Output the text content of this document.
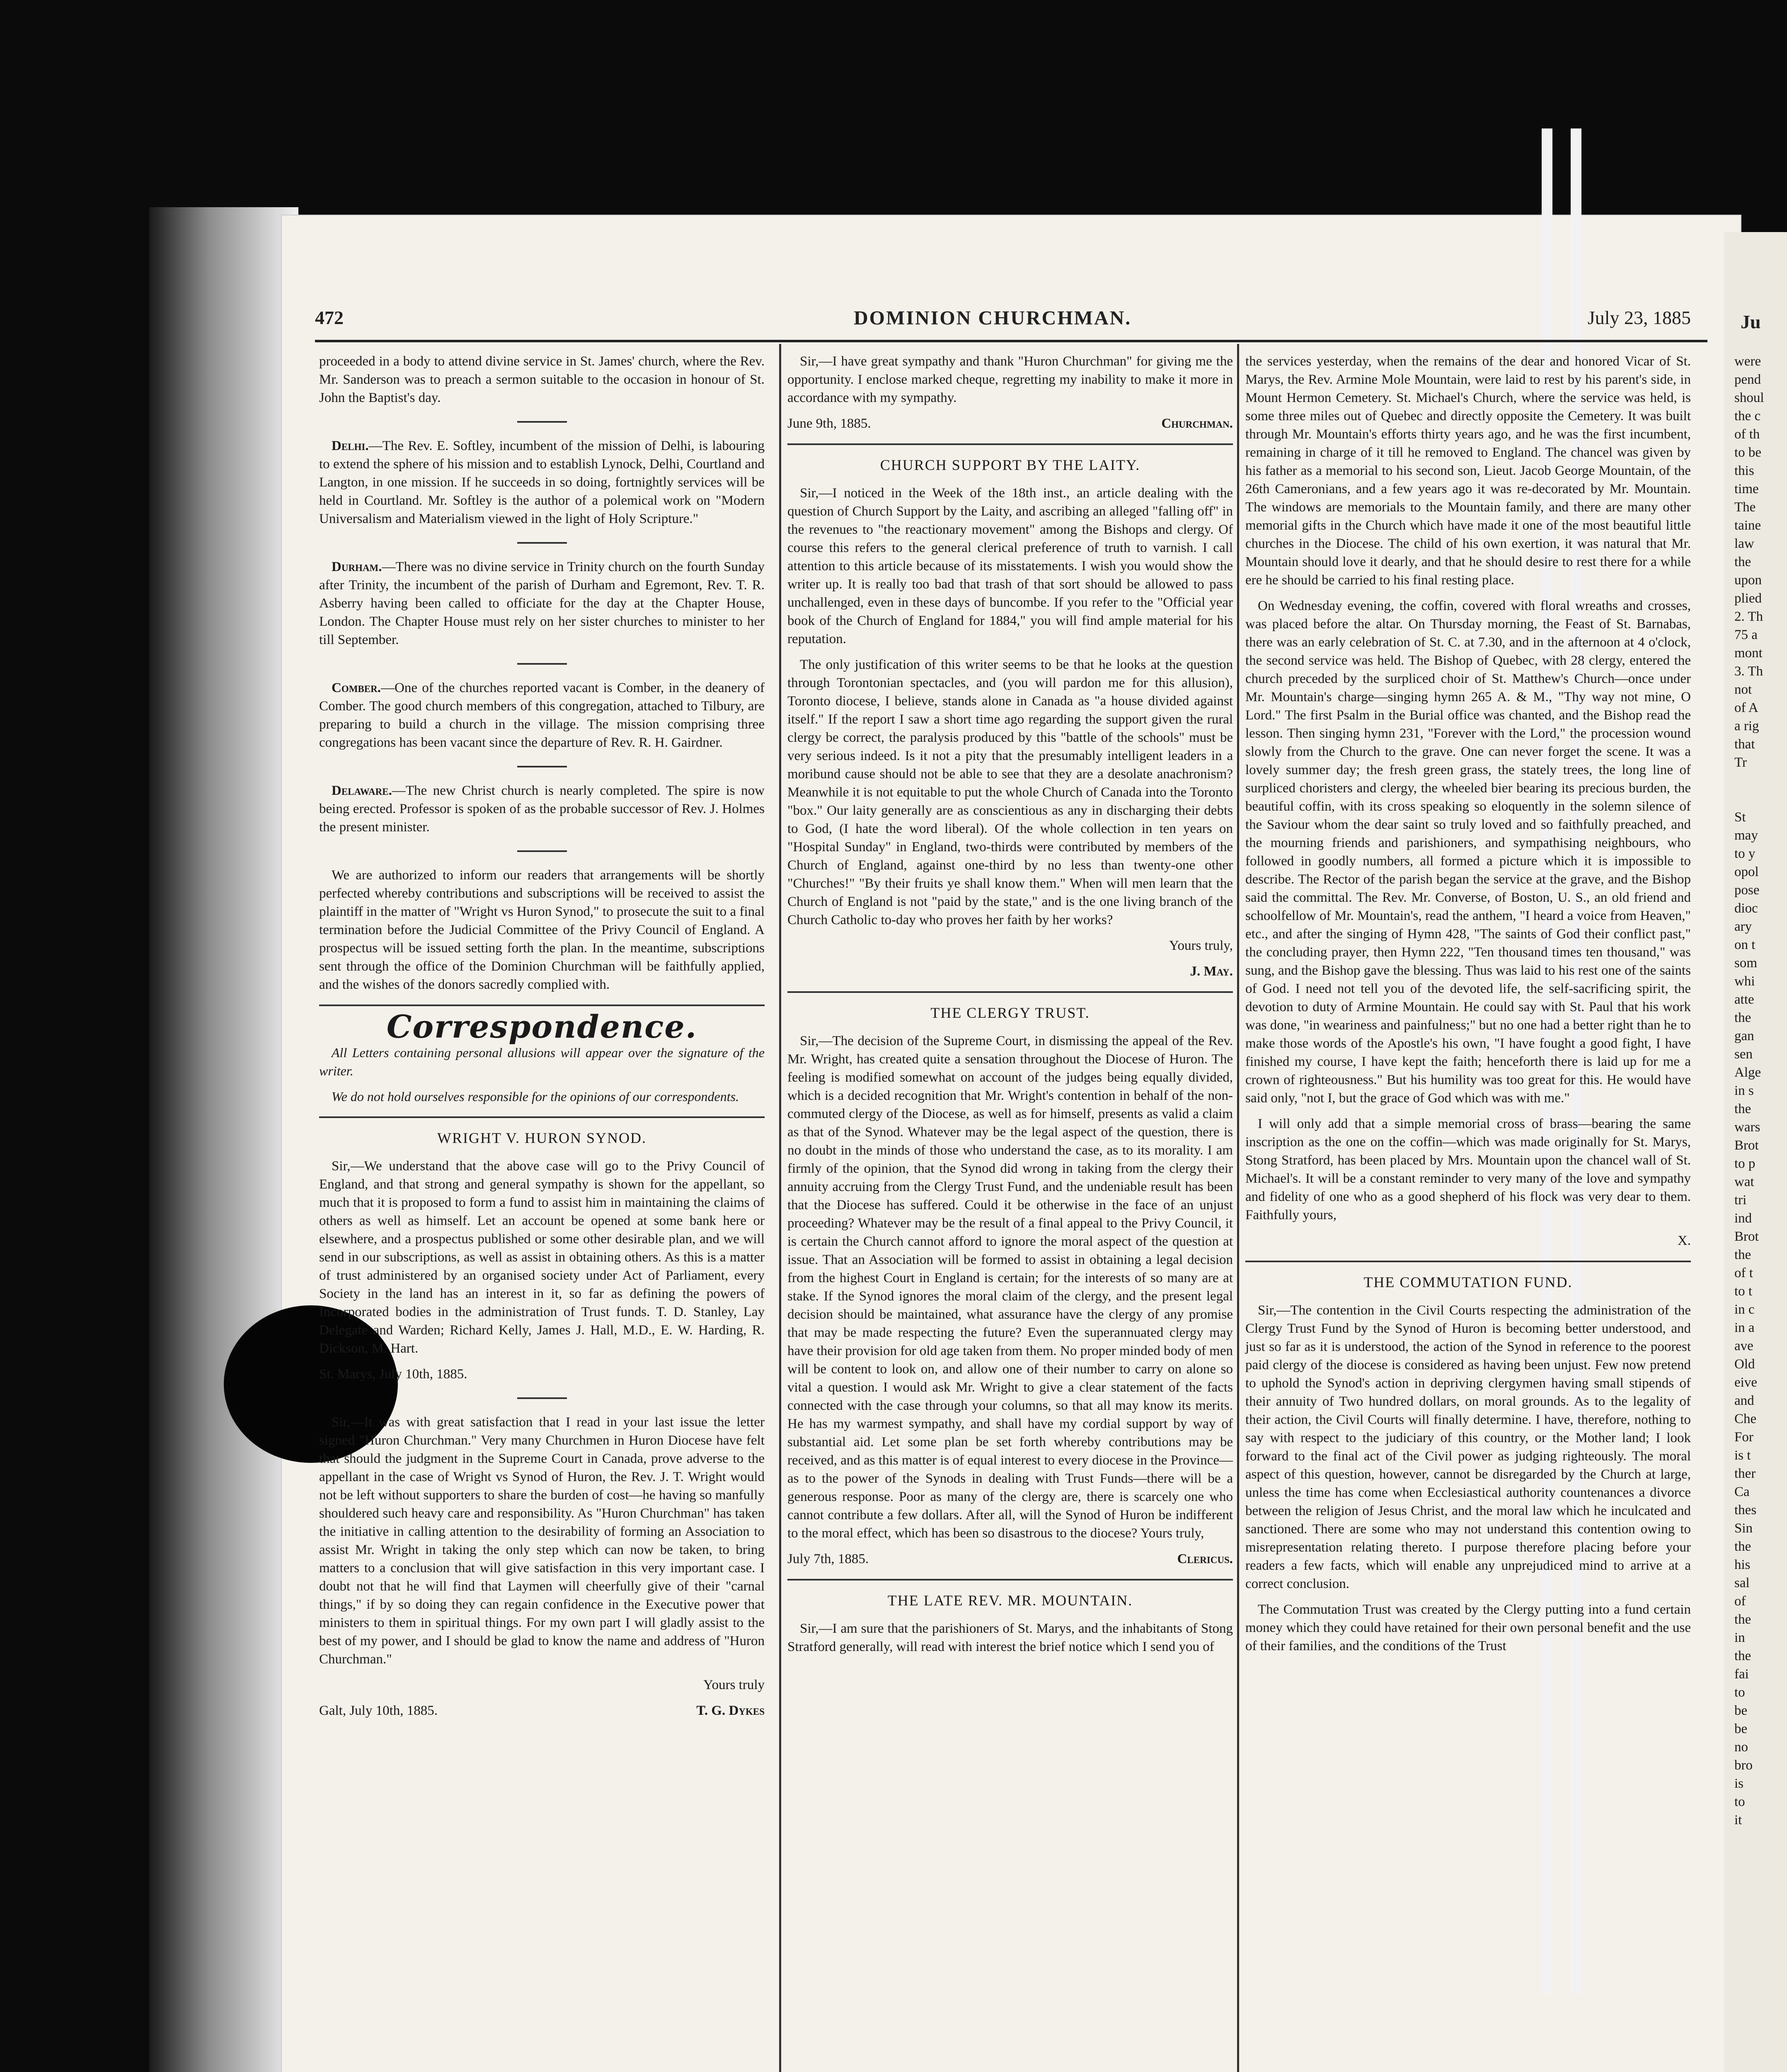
472	DOMINION CHURCHMAN.	July 23, 1885

proceeded in a body to attend divine service in St. James' church, where the Rev. Mr. Sanderson was to preach a sermon suitable to the occasion in honour of St. John the Baptist's day.

Delhi.—The Rev. E. Softley, incumbent of the mission of Delhi, is labouring to extend the sphere of his mission and to establish Lynock, Delhi, Courtland and Langton, in one mission. If he succeeds in so doing, fortnightly services will be held in Courtland. Mr. Softley is the author of a polemical work on "Modern Universalism and Materialism viewed in the light of Holy Scripture."

Durham.—There was no divine service in Trinity church on the fourth Sunday after Trinity, the incumbent of the parish of Durham and Egremont, Rev. T. R. Asberry having been called to officiate for the day at the Chapter House, London. The Chapter House must rely on her sister churches to minister to her till September.

Comber.—One of the churches reported vacant is Comber, in the deanery of Comber. The good church members of this congregation, attached to Tilbury, are preparing to build a church in the village. The mission comprising three congregations has been vacant since the departure of Rev. R. H. Gairdner.

Delaware.—The new Christ church is nearly completed. The spire is now being erected. Professor is spoken of as the probable successor of Rev. J. Holmes the present minister.

We are authorized to inform our readers that arrangements will be shortly perfected whereby contributions and subscriptions will be received to assist the plaintiff in the matter of "Wright vs Huron Synod," to prosecute the suit to a final termination before the Judicial Committee of the Privy Council of England. A prospectus will be issued setting forth the plan. In the meantime, subscriptions sent through the office of the Dominion Churchman will be faithfully applied, and the wishes of the donors sacredly complied with.

Correspondence.

All Letters containing personal allusions will appear over the signature of the writer.

We do not hold ourselves responsible for the opinions of our correspondents.

WRIGHT V. HURON SYNOD.

Sir,—We understand that the above case will go to the Privy Council of England, and that strong and general sympathy is shown for the appellant, so much that it is proposed to form a fund to assist him in maintaining the claims of others as well as himself. Let an account be opened at some bank here or elsewhere, and a prospectus published or some other desirable plan, and we will send in our subscriptions, as well as assist in obtaining others. As this is a matter of trust administered by an organised society under Act of Parliament, every Society in the land has an interest in it, so far as defining the powers of Incorporated bodies in the administration of Trust funds. T. D. Stanley, Lay Delegate and Warden; Richard Kelly, James J. Hall, M.D., E. W. Harding, R. Dickson, M. Hart.

St. Marys, July 10th, 1885.

Sir,—It was with great satisfaction that I read in your last issue the letter signed "Huron Churchman." Very many Churchmen in Huron Diocese have felt that should the judgment in the Supreme Court in Canada, prove adverse to the appellant in the case of Wright vs Synod of Huron, the Rev. J. T. Wright would not be left without supporters to share the burden of cost—he having so manfully shouldered such heavy care and responsibility. As "Huron Churchman" has taken the initiative in calling attention to the desirability of forming an Association to assist Mr. Wright in taking the only step which can now be taken, to bring matters to a conclusion that will give satisfaction in this very important case. I doubt not that he will find that Laymen will cheerfully give of their "carnal things," if by so doing they can regain confidence in the Executive power that ministers to them in spiritual things. For my own part I will gladly assist to the best of my power, and I should be glad to know the name and address of "Huron Churchman."

Yours truly

Galt, July 10th, 1885.	T. G. Dykes

Sir,—I have great sympathy and thank "Huron Churchman" for giving me the opportunity. I enclose marked cheque, regretting my inability to make it more in accordance with my sympathy.

June 9th, 1885.	Churchman.
CHURCH SUPPORT BY THE LAITY.

Sir,—I noticed in the Week of the 18th inst., an article dealing with the question of Church Support by the Laity, and ascribing an alleged "falling off" in the revenues to "the reactionary movement" among the Bishops and clergy. Of course this refers to the general clerical preference of truth to varnish. I call attention to this article because of its misstatements. I wish you would show the writer up. It is really too bad that trash of that sort should be allowed to pass unchallenged, even in these days of buncombe. If you refer to the "Official year book of the Church of England for 1884," you will find ample material for his reputation.

The only justification of this writer seems to be that he looks at the question through Torontonian spectacles, and (you will pardon me for this allusion), Toronto diocese, I believe, stands alone in Canada as "a house divided against itself." If the report I saw a short time ago regarding the support given the rural clergy be correct, the paralysis produced by this "battle of the schools" must be very serious indeed. Is it not a pity that the presumably intelligent leaders in a moribund cause should not be able to see that they are a desolate anachronism? Meanwhile it is not equitable to put the whole Church of Canada into the Toronto "box." Our laity generally are as conscientious as any in discharging their debts to God, (I hate the word liberal). Of the whole collection in ten years on "Hospital Sunday" in England, two-thirds were contributed by members of the Church of England, against one-third by no less than twenty-one other "Churches!" "By their fruits ye shall know them." When will men learn that the Church of England is not "paid by the state," and is the one living branch of the Church Catholic to-day who proves her faith by her works?

Yours truly,

J. May.

THE CLERGY TRUST.

Sir,—The decision of the Supreme Court, in dismissing the appeal of the Rev. Mr. Wright, has created quite a sensation throughout the Diocese of Huron. The feeling is modified somewhat on account of the judges being equally divided, which is a decided recognition that Mr. Wright's contention in behalf of the non-commuted clergy of the Diocese, as well as for himself, presents as valid a claim as that of the Synod. Whatever may be the legal aspect of the question, there is no doubt in the minds of those who understand the case, as to its morality. I am firmly of the opinion, that the Synod did wrong in taking from the clergy their annuity accruing from the Clergy Trust Fund, and the undeniable result has been that the Diocese has suffered. Could it be otherwise in the face of an unjust proceeding? Whatever may be the result of a final appeal to the Privy Council, it is certain the Church cannot afford to ignore the moral aspect of the question at issue. That an Association will be formed to assist in obtaining a legal decision from the highest Court in England is certain; for the interests of so many are at stake. If the Synod ignores the moral claim of the clergy, and the present legal decision should be maintained, what assurance have the clergy of any promise that may be made respecting the future? Even the superannuated clergy may have their provision for old age taken from them. No proper minded body of men will be content to look on, and allow one of their number to carry on alone so vital a question. I would ask Mr. Wright to give a clear statement of the facts connected with the case through your columns, so that all may know its merits. He has my warmest sympathy, and shall have my cordial support by way of substantial aid. Let some plan be set forth whereby contributions may be received, and as this matter is of equal interest to every diocese in the Province—as to the power of the Synods in dealing with Trust Funds—there will be a generous response. Poor as many of the clergy are, there is scarcely one who cannot contribute a few dollars. After all, will the Synod of Huron be indifferent to the moral effect, which has been so disastrous to the diocese? Yours truly,

July 7th, 1885.	Clericus.
THE LATE REV. MR. MOUNTAIN.

Sir,—I am sure that the parishioners of St. Marys, and the inhabitants of Stong Stratford generally, will read with interest the brief notice which I send you of

the services yesterday, when the remains of the dear and honored Vicar of St. Marys, the Rev. Armine Mole Mountain, were laid to rest by his parent's side, in Mount Hermon Cemetery. St. Michael's Church, where the service was held, is some three miles out of Quebec and directly opposite the Cemetery. It was built through Mr. Mountain's efforts thirty years ago, and he was the first incumbent, remaining in charge of it till he removed to England. The chancel was given by his father as a memorial to his second son, Lieut. Jacob George Mountain, of the 26th Cameronians, and a few years ago it was re-decorated by Mr. Mountain. The windows are memorials to the Mountain family, and there are many other memorial gifts in the Church which have made it one of the most beautiful little churches in the Diocese. The child of his own exertion, it was natural that Mr. Mountain should love it dearly, and that he should desire to rest there for a while ere he should be carried to his final resting place.

On Wednesday evening, the coffin, covered with floral wreaths and crosses, was placed before the altar. On Thursday morning, the Feast of St. Barnabas, there was an early celebration of St. C. at 7.30, and in the afternoon at 4 o'clock, the second service was held. The Bishop of Quebec, with 28 clergy, entered the church preceded by the surpliced choir of St. Matthew's Church—once under Mr. Mountain's charge—singing hymn 265 A. & M., "Thy way not mine, O Lord." The first Psalm in the Burial office was chanted, and the Bishop read the lesson. Then singing hymn 231, "Forever with the Lord," the procession wound slowly from the Church to the grave. One can never forget the scene. It was a lovely summer day; the fresh green grass, the stately trees, the long line of surpliced choristers and clergy, the wheeled bier bearing its precious burden, the beautiful coffin, with its cross speaking so eloquently in the solemn silence of the Saviour whom the dear saint so truly loved and so faithfully preached, and the mourning friends and parishioners, and sympathising neighbours, who followed in goodly numbers, all formed a picture which it is impossible to describe. The Rector of the parish began the service at the grave, and the Bishop said the committal. The Rev. Mr. Converse, of Boston, U. S., an old friend and schoolfellow of Mr. Mountain's, read the anthem, "I heard a voice from Heaven," etc., and after the singing of Hymn 428, "The saints of God their conflict past," the concluding prayer, then Hymn 222, "Ten thousand times ten thousand," was sung, and the Bishop gave the blessing. Thus was laid to his rest one of the saints of God. I need not tell you of the devoted life, the self-sacrificing spirit, the devotion to duty of Armine Mountain. He could say with St. Paul that his work was done, "in weariness and painfulness;" but no one had a better right than he to make those words of the Apostle's his own, "I have fought a good fight, I have finished my course, I have kept the faith; henceforth there is laid up for me a crown of righteousness." But his humility was too great for this. He would have said only, "not I, but the grace of God which was with me."

I will only add that a simple memorial cross of brass—bearing the same inscription as the one on the coffin—which was made originally for St. Marys, Stong Stratford, has been placed by Mrs. Mountain upon the chancel wall of St. Michael's. It will be a constant reminder to very many of the love and sympathy and fidelity of one who as a good shepherd of his flock was very dear to them. Faithfully yours,

X.

THE COMMUTATION FUND.

Sir,—The contention in the Civil Courts respecting the administration of the Clergy Trust Fund by the Synod of Huron is becoming better understood, and just so far as it is understood, the action of the Synod in reference to the poorest paid clergy of the diocese is considered as having been unjust. Few now pretend to uphold the Synod's action in depriving clergymen having small stipends of their annuity of Two hundred dollars, on moral grounds. As to the legality of their action, the Civil Courts will finally determine. I have, therefore, nothing to say with respect to the judiciary of this country, or the Mother land; I look forward to the final act of the Civil power as judging righteously. The moral aspect of this question, however, cannot be disregarded by the Church at large, unless the time has come when Ecclesiastical authority countenances a divorce between the religion of Jesus Christ, and the moral law which he inculcated and sanctioned. There are some who may not understand this contention owing to misrepresentation relating thereto. I purpose therefore placing before your readers a few facts, which will enable any unprejudiced mind to arrive at a correct conclusion.

The Commutation Trust was created by the Clergy putting into a fund certain money which they could have retained for their own personal benefit and the use of their families, and the conditions of the Trust

Ju
were
pend
shoul
the c
of th
to be
this
time
The
taine
law
the
upon
plied
2. Th
75 a
mont
3. Th
not
of A
a rig
that
Tr

St
may
to y
opol
pose
dioc
ary
on t
som
whi
atte
the
gan
sen
Alge
in s
the
wars
Brot
to p
wat
tri
ind
Brot
the
of t
to t
in c
in a
ave
Old
eive
and
Che
For
is t
ther
Ca
thes
Sin
the
his
sal
of
the
in
the
fai
to
be
be
no
bro
is
to
it
